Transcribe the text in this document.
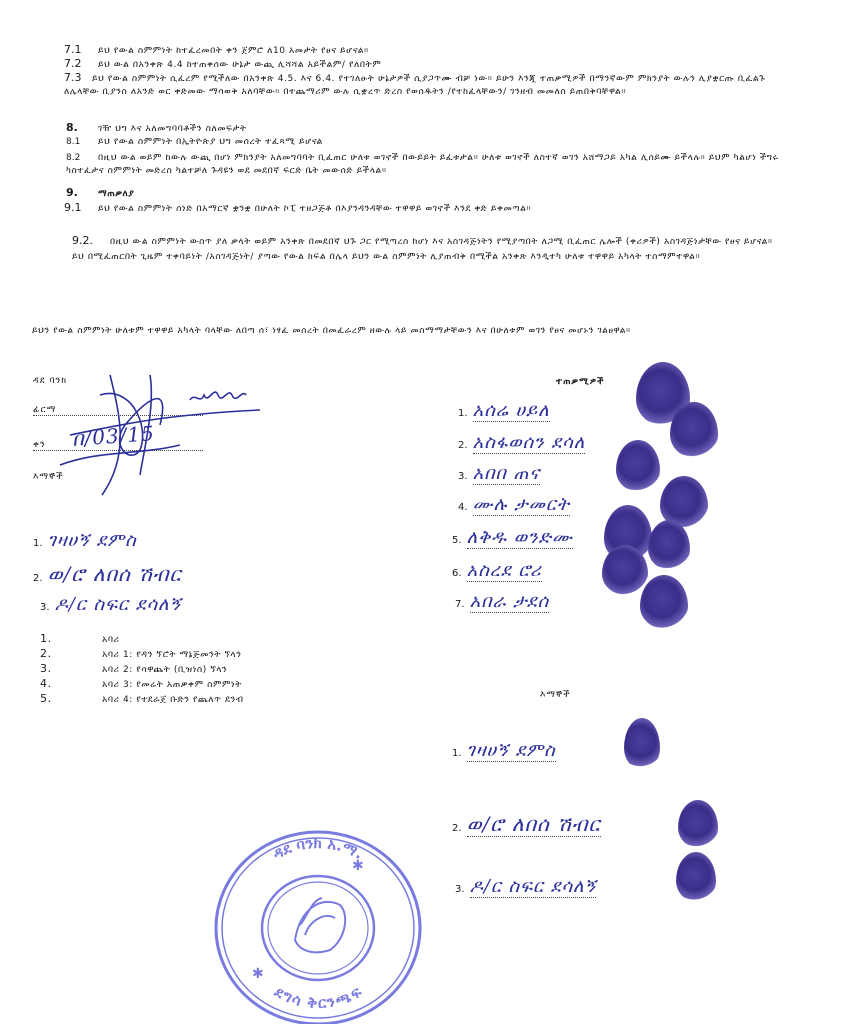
7.1 ይህ የውል ስምምነት ከተፈረመበት ቀን ጀምሮ ለ10 አመታት የፀና ይሆናል።
7.2 ይህ ውል በአንቀጽ 4.4 ከተጠቀሰው ሁኔታ ውጪ ሊሻሻል አይችልም/ የለበትም
7.3 ይህ የውል ስምምነት ሲፈረም የሚችለው በአንቀጽ 4.5. እና 6.4. የተገለፁት ሁኔታዎች ሲያጋጥሙ ብቻ ነው። ይሁን እንጂ ተጠቃሚዎች በማንኛውም ምክንያት ውሉን ሊያቋርጡ ቢፈልጉ ለሌላቸው ቢያንስ ለአንድ ወር ቀድመው ማሳወቅ አለባቸው። በተጨማሪም ውሉ ሲቋረጥ ድረስ የወሰዱትን /የተከፈላቸውን/ ገንዘብ መመለስ ይጠበቅባቸዋል።
8. ገዥ ህግ እና አለመግባባቶችን ስለመፍታት
8.1 ይህ የውል ስምምነት በኢትዮጵያ ህግ መሰረት ተፈጻሚ ይሆናል
8.2 በዚህ ውል ወይም ከውሉ ውጪ በሆነ ምክንያት አለመግባባት ቢፈጠር ሁለቱ ወገኖች በውይይት ይፈቱታል። ሁለቱ ወገኖች ለስተኛ ወገን አሸማጋይ አካል ሊሰይሙ ይችላሉ። ይህም ካልሆነ ችግሩ ካስተፈታና ስምምነት መድረስ ካልተቻለ ጉዳዩን ወደ መደበኛ ፍርድ ቤት መውሰድ ይችላል።
9. ማጠቃለያ
9.1 ይህ የውል ስምምነት ሰነድ በአማርኛ ቋንቋ በሁለት ኮፒ ተዘጋጅቶ በእያንዳንዳቸው ተዋዋይ ወገኖች እንደ ቀድ ይቀመጣል።
9.2. በዚህ ውል ስምምነት ውስጥ ያለ ቃላት ወይም አንቀጽ በመደበኛ ህጉ ጋር የሚጣረስ ከሆነ እና አስገዳጅነትን የሚያጣበት ለጋሚ ቢፈጠር ሌሎች (ቀሪዎች) አስገዳጅነታቸው የፀና ይሆናል። ይህ በሚፈጠርበት ጊዜም ተቀባይነት /አስገዳጅነት/ ያጣው የውል ክፍል በሌላ ይህን ውል ስምምነት ሊያጠብቅ በሚችል አንቀጽ እንዲተካ ሁለቱ ተዋዋይ አካላት ተስማምተዋል።
ይህን የውል ስምምነት ሁለቱም ተዋዋይ አካላት ባላቸው ለበጣ ሰ፣ ነፃፈ መሰረት በመፈራረም ዘውሉ ላይ መስማማታቸውን እና በሁለቱም ወገን የፀና መሆኑን ገልፀዋል።
ዳደ ባንክ
ፊርማ
ቀን
እማኞች
በ/03/15
1. ገዛሀኝ ደምስ
2. ወ/ሮ ለበሰ ሽብር
3. ዶ/ር ስፍር ደሳለኝ
ተጠቃሚዎች
1. አሰሬ ሀይለ
2. አስፋወሰን ደሳለ
3. አበበ ጠና
4. ሙሉ ታመርት
5. ለቅዱ ወንድሙ
6. አስረደ ሮሪ
7. አበራ ታደሰ
1.	አባሪ
2.	አባሪ 1: የዳን ኘሮት ማኔጅመንት ኘላን
3.	አባሪ 2: የሳዋጨት (ቢዝነስ) ኘላን
4.	አባሪ 3: የመሬት አጠቃቀም ስምምነት
5.	አባሪ 4: የተደራጀ ቡድን የጨለጥ ደንብ	እማኞች
1. ገዛሀኝ ደምስ
2. ወ/ሮ ለበሰ ሽብር
3. ዶ/ር ስፍር ደሳለኝ
ዳደ ባንክ አ.ማ.
ደግሳ ቅርንጫፍ
✱
✱
